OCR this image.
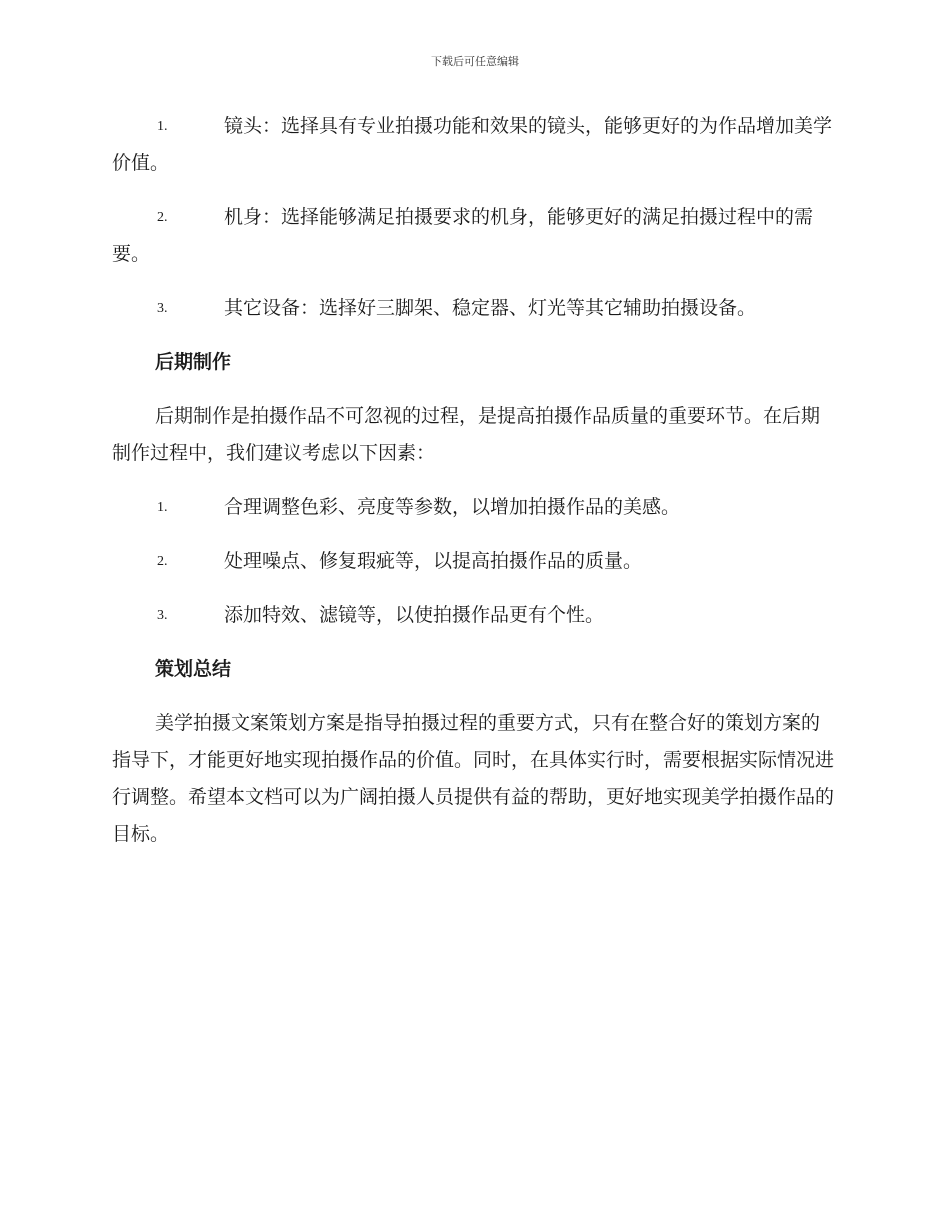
下载后可任意编辑
1.	镜头：选择具有专业拍摄功能和效果的镜头，能够更好的为作品增加美学价值。
2.	机身：选择能够满足拍摄要求的机身，能够更好的满足拍摄过程中的需要。
3.	其它设备：选择好三脚架、稳定器、灯光等其它辅助拍摄设备。
后期制作

后期制作是拍摄作品不可忽视的过程，是提高拍摄作品质量的重要环节。在后期制作过程中，我们建议考虑以下因素：

1.	合理调整色彩、亮度等参数，以增加拍摄作品的美感。
2.	处理噪点、修复瑕疵等，以提高拍摄作品的质量。
3.	添加特效、滤镜等，以使拍摄作品更有个性。
策划总结

美学拍摄文案策划方案是指导拍摄过程的重要方式，只有在整合好的策划方案的指导下，才能更好地实现拍摄作品的价值。同时，在具体实行时，需要根据实际情况进行调整。希望本文档可以为广阔拍摄人员提供有益的帮助，更好地实现美学拍摄作品的目标。
